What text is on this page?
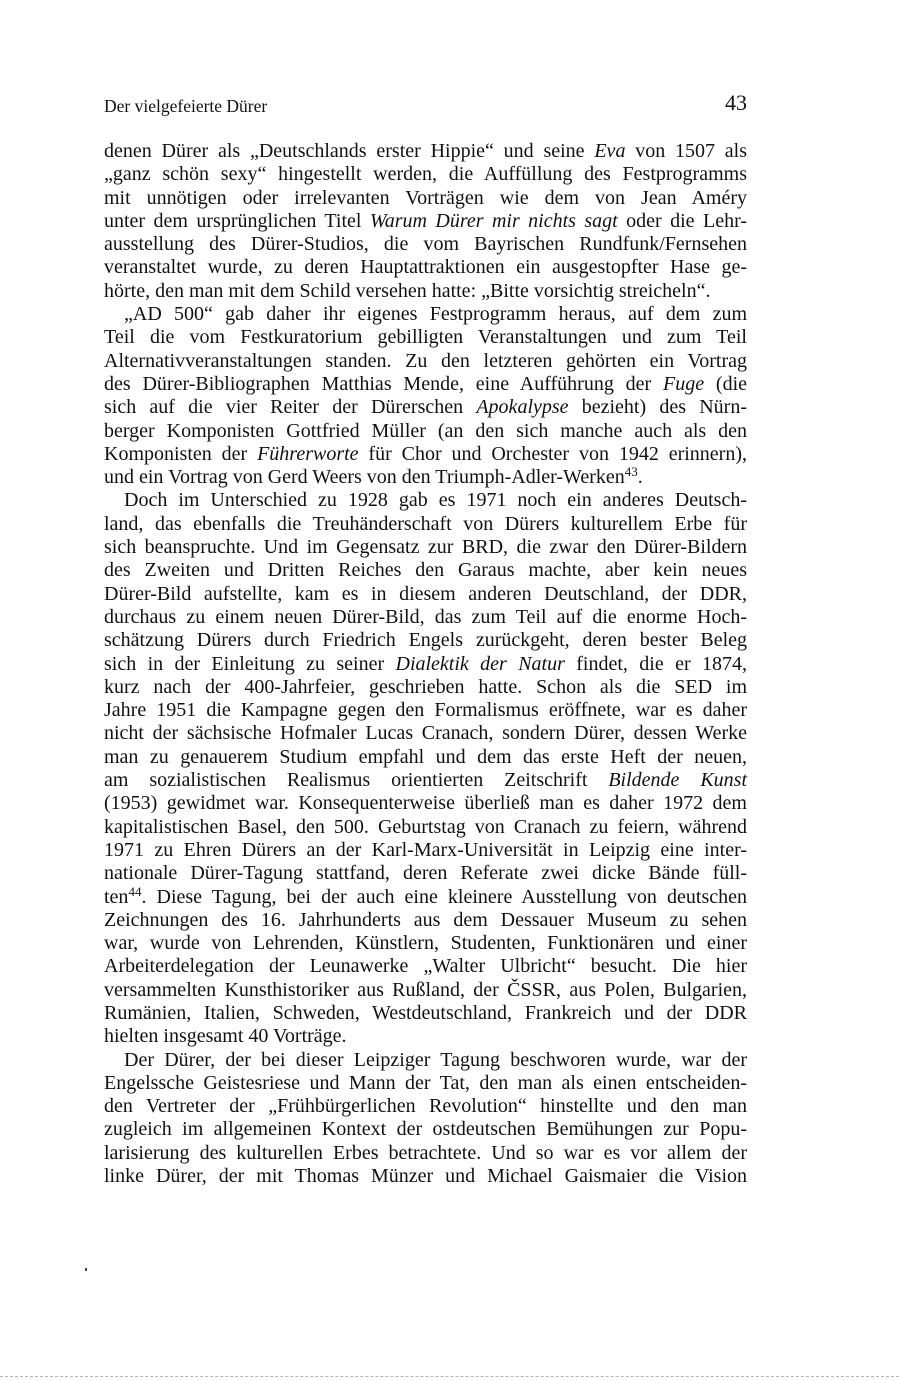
Der vielgefeierte Dürer	43
denen Dürer als „Deutschlands erster Hippie“ und seine Eva von 1507 als
„ganz schön sexy“ hingestellt werden, die Auffüllung des Festprogramms
mit unnötigen oder irrelevanten Vorträgen wie dem von Jean Améry
unter dem ursprünglichen Titel Warum Dürer mir nichts sagt oder die Lehr-
ausstellung des Dürer-Studios, die vom Bayrischen Rundfunk/Fernsehen
veranstaltet wurde, zu deren Hauptattraktionen ein ausgestopfter Hase ge-
hörte, den man mit dem Schild versehen hatte: „Bitte vorsichtig streicheln“.
„AD 500“ gab daher ihr eigenes Festprogramm heraus, auf dem zum
Teil die vom Festkuratorium gebilligten Veranstaltungen und zum Teil
Alternativveranstaltungen standen. Zu den letzteren gehörten ein Vortrag
des Dürer-Bibliographen Matthias Mende, eine Aufführung der Fuge (die
sich auf die vier Reiter der Dürerschen Apokalypse bezieht) des Nürn-
berger Komponisten Gottfried Müller (an den sich manche auch als den
Komponisten der Führerworte für Chor und Orchester von 1942 erinnern),
und ein Vortrag von Gerd Weers von den Triumph-Adler-Werken$^{43}$.
Doch im Unterschied zu 1928 gab es 1971 noch ein anderes Deutsch-
land, das ebenfalls die Treuhänderschaft von Dürers kulturellem Erbe für
sich beanspruchte. Und im Gegensatz zur BRD, die zwar den Dürer-Bildern
des Zweiten und Dritten Reiches den Garaus machte, aber kein neues
Dürer-Bild aufstellte, kam es in diesem anderen Deutschland, der DDR,
durchaus zu einem neuen Dürer-Bild, das zum Teil auf die enorme Hoch-
schätzung Dürers durch Friedrich Engels zurückgeht, deren bester Beleg
sich in der Einleitung zu seiner Dialektik der Natur findet, die er 1874,
kurz nach der 400-Jahrfeier, geschrieben hatte. Schon als die SED im
Jahre 1951 die Kampagne gegen den Formalismus eröffnete, war es daher
nicht der sächsische Hofmaler Lucas Cranach, sondern Dürer, dessen Werke
man zu genauerem Studium empfahl und dem das erste Heft der neuen,
am sozialistischen Realismus orientierten Zeitschrift Bildende Kunst
(1953) gewidmet war. Konsequenterweise überließ man es daher 1972 dem
kapitalistischen Basel, den 500. Geburtstag von Cranach zu feiern, während
1971 zu Ehren Dürers an der Karl-Marx-Universität in Leipzig eine inter-
nationale Dürer-Tagung stattfand, deren Referate zwei dicke Bände füll-
ten$^{44}$. Diese Tagung, bei der auch eine kleinere Ausstellung von deutschen
Zeichnungen des 16. Jahrhunderts aus dem Dessauer Museum zu sehen
war, wurde von Lehrenden, Künstlern, Studenten, Funktionären und einer
Arbeiterdelegation der Leunawerke „Walter Ulbricht“ besucht. Die hier
versammelten Kunsthistoriker aus Rußland, der ČSSR, aus Polen, Bulgarien,
Rumänien, Italien, Schweden, Westdeutschland, Frankreich und der DDR
hielten insgesamt 40 Vorträge.
Der Dürer, der bei dieser Leipziger Tagung beschworen wurde, war der
Engelssche Geistesriese und Mann der Tat, den man als einen entscheiden-
den Vertreter der „Frühbürgerlichen Revolution“ hinstellte und den man
zugleich im allgemeinen Kontext der ostdeutschen Bemühungen zur Popu-
larisierung des kulturellen Erbes betrachtete. Und so war es vor allem der
linke Dürer, der mit Thomas Münzer und Michael Gaismaier die Vision
